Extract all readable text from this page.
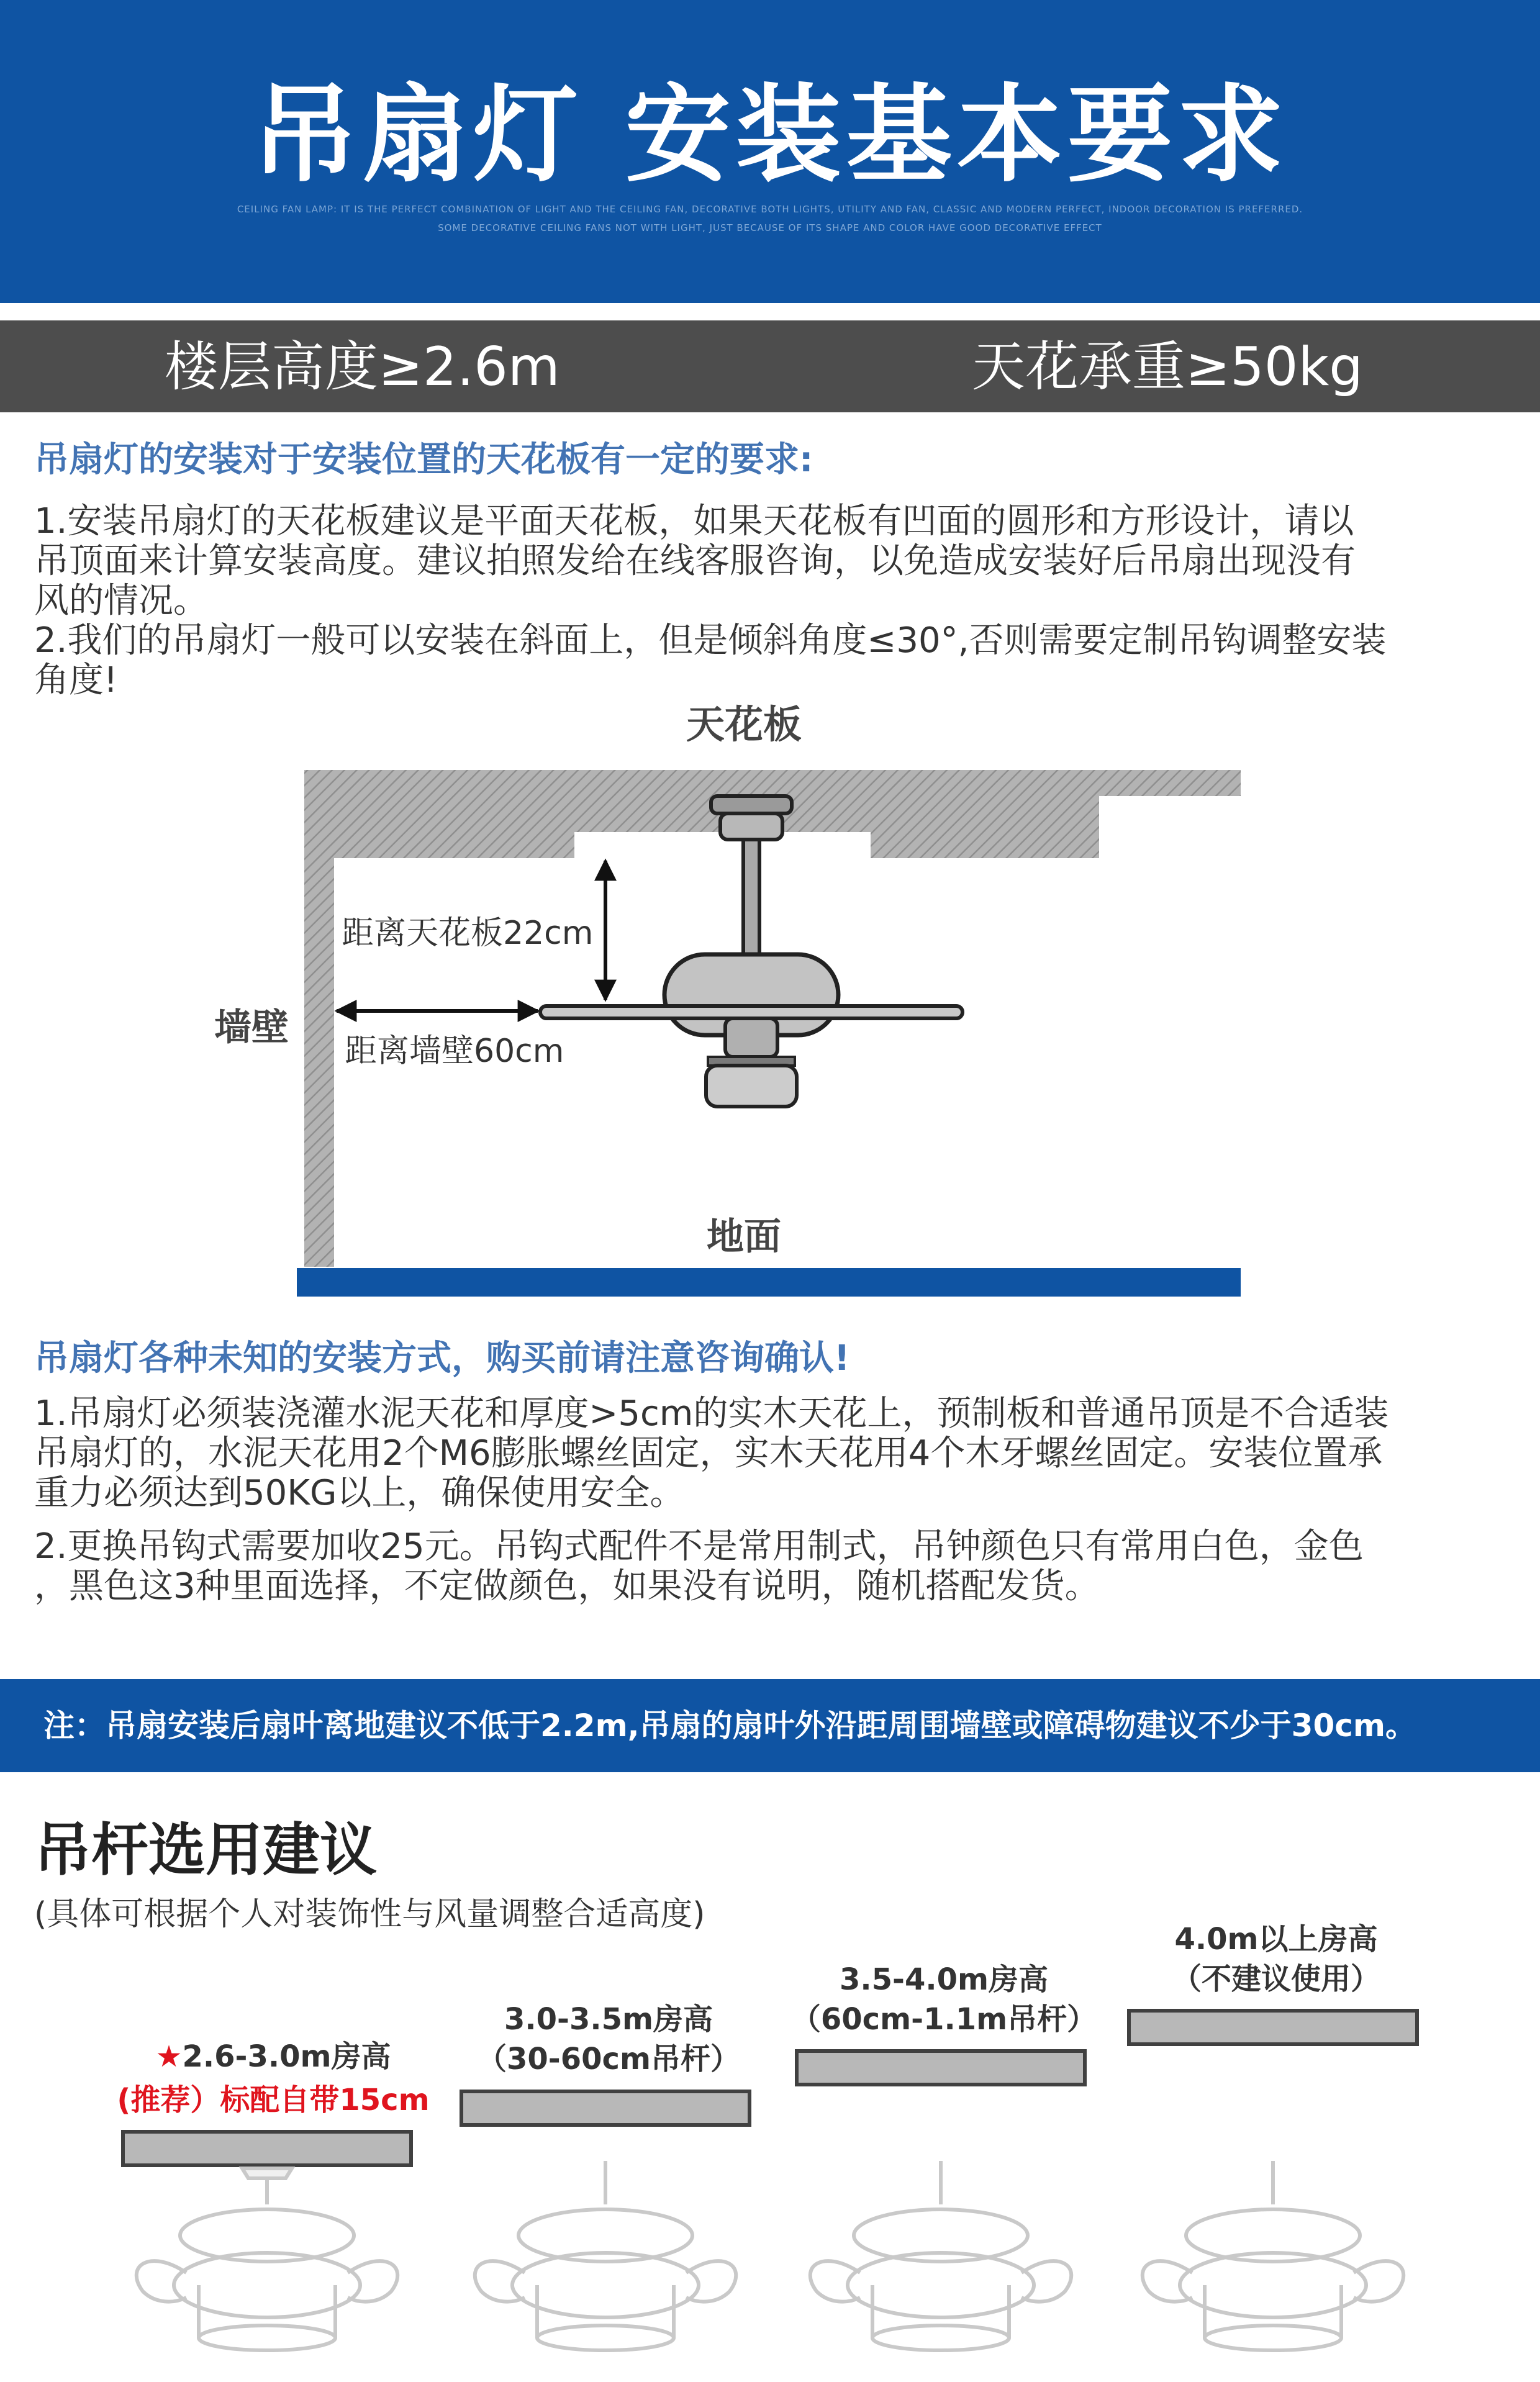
吊扇灯 安装基本要求
CEILING FAN LAMP: IT IS THE PERFECT COMBINATION OF LIGHT AND THE CEILING FAN, DECORATIVE BOTH LIGHTS, UTILITY AND FAN, CLASSIC AND MODERN PERFECT, INDOOR DECORATION IS PREFERRED.
SOME DECORATIVE CEILING FANS NOT WITH LIGHT, JUST BECAUSE OF ITS SHAPE AND COLOR HAVE GOOD DECORATIVE EFFECT
楼层高度≥2.6m	天花承重≥50kg
吊扇灯的安装对于安装位置的天花板有一定的要求:
1.安装吊扇灯的天花板建议是平面天花板，如果天花板有凹面的圆形和方形设计，请以
吊顶面来计算安装高度。建议拍照发给在线客服咨询，以免造成安装好后吊扇出现没有
风的情况。
2.我们的吊扇灯一般可以安装在斜面上，但是倾斜角度≤30°,否则需要定制吊钩调整安装
角度!
天花板
地面
墙壁
距离天花板22cm
距离墙壁60cm
吊扇灯各种未知的安装方式，购买前请注意咨询确认!
1.吊扇灯必须装浇灌水泥天花和厚度>5cm的实木天花上，预制板和普通吊顶是不合适装
吊扇灯的，水泥天花用2个M6膨胀螺丝固定，实木天花用4个木牙螺丝固定。安装位置承
重力必须达到50KG以上，确保使用安全。
2.更换吊钩式需要加收25元。吊钩式配件不是常用制式，吊钟颜色只有常用白色，金色
，黑色这3种里面选择，不定做颜色，如果没有说明，随机搭配发货。
注：吊扇安装后扇叶离地建议不低于2.2m,吊扇的扇叶外沿距周围墙壁或障碍物建议不少于30cm。
吊杆选用建议
(具体可根据个人对装饰性与风量调整合适高度)
★2.6-3.0m房高
(推荐）标配自带15cm
3.0-3.5m房高
（30-60cm吊杆）
3.5-4.0m房高
（60cm-1.1m吊杆）
4.0m以上房高
（不建议使用）
